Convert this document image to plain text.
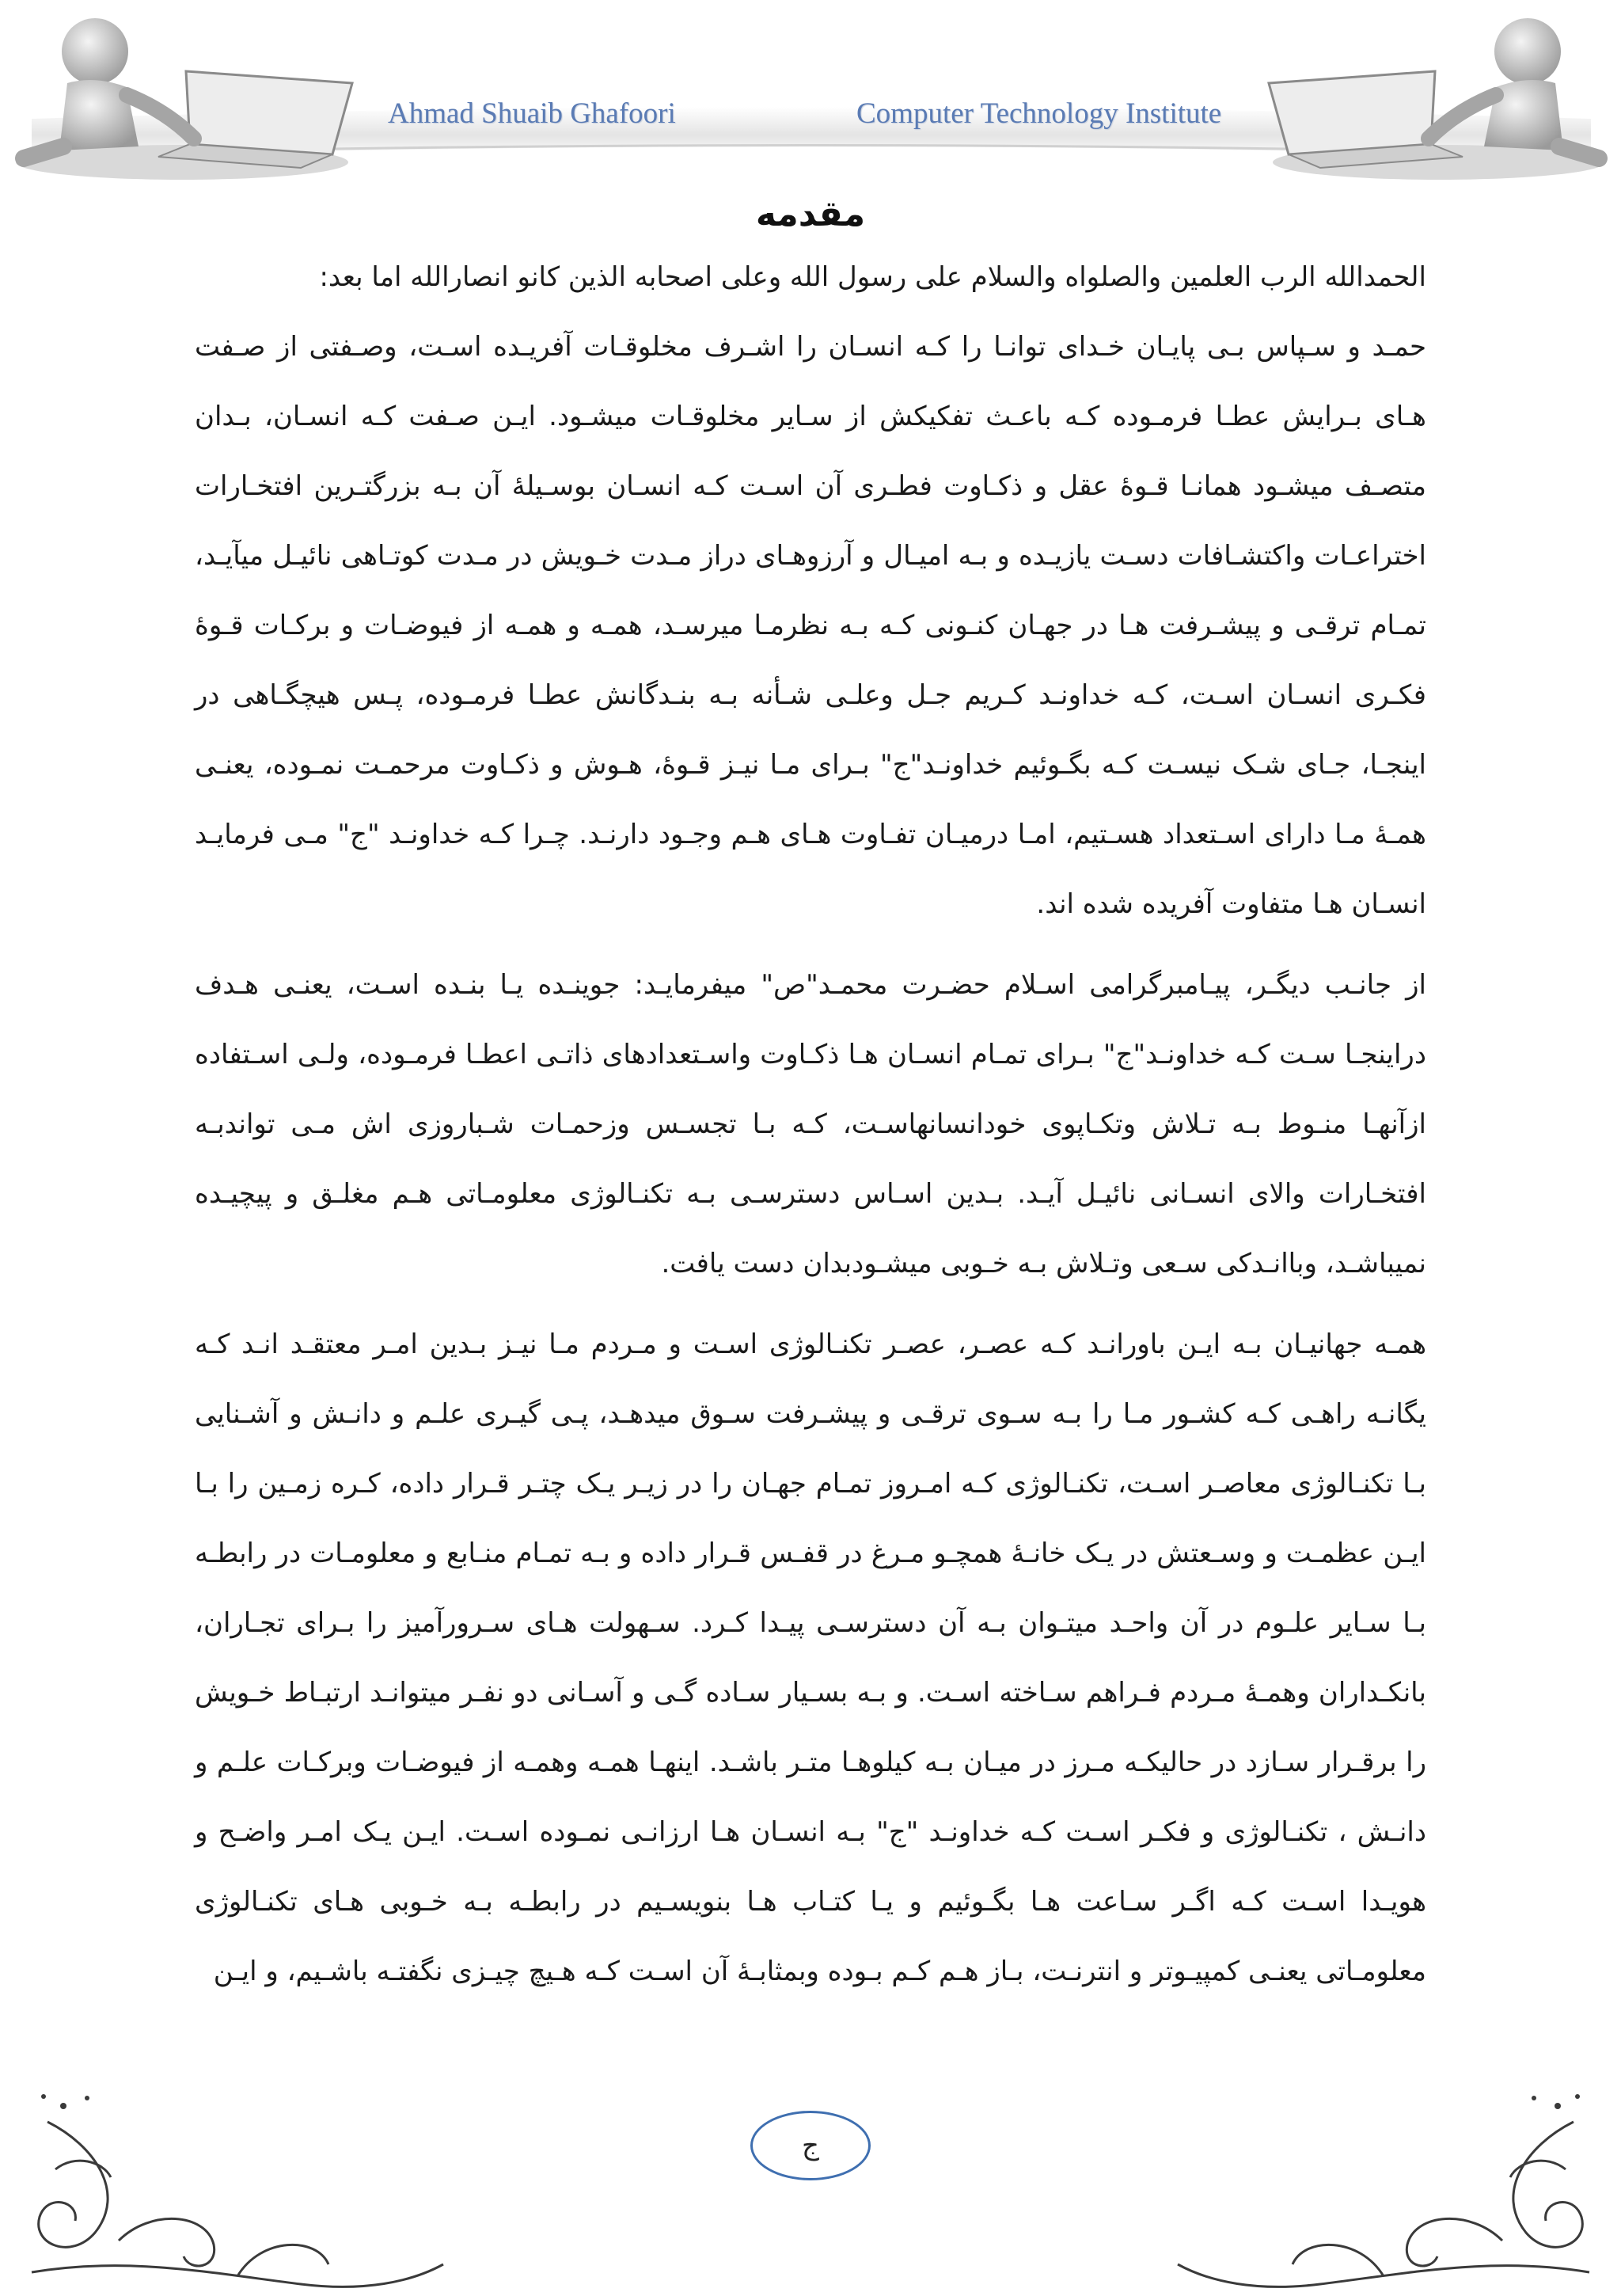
Ahmad Shuaib Ghafoori	Computer Technology Institute
مقدمه

الحمدالله الرب العلمین والصلواه والسلام علی رسول الله وعلی اصحابه الذین کانو انصارالله اما بعد:

حمـد و سـپاس بـی پایـان خـدای توانـا را کـه انسـان را اشـرف مخلوقـات آفریـده اسـت، وصـفتی از صـفت هـای بـرایش عطـا فرمـوده کـه باعـث تفکیکش از سـایر مخلوقـات میشـود. ایـن صـفت کـه انسـان، بـدان متصـف میشـود همانـا قـوهٔ عقل و ذکـاوت فطـری آن اسـت کـه انسـان بوسـیلهٔ آن بـه بزرگتـرین افتخـارات اختراعـات واکتشـافات دسـت یازیـده و بـه امیـال و آرزوهـای دراز مـدت خـویش در مـدت کوتـاهی نائیـل میآیـد، تمـام ترقـی و پیشـرفت هـا در جهـان کنـونی کـه بـه نظرمـا میرسـد، همـه و همـه از فیوضـات و برکـات قـوهٔ فکـری انسـان اسـت، کـه خداونـد کـریم جـل وعلـی شـأنه بـه بنـدگانش عطـا فرمـوده، پـس هیچگـاهی در اینجـا، جـای شـک نیسـت کـه بگـوئیم خداونـد"ج" بـرای مـا نیـز قـوهٔ، هـوش و ذکـاوت مرحمـت نمـوده، یعنـی همـهٔ مـا دارای اسـتعداد هسـتیم، امـا درمیـان تفـاوت هـای هـم وجـود دارنـد. چـرا کـه خداونـد "ج" مـی فرمایـد انسـان هـا متفاوت آفریده شده اند.

از جانـب دیگـر، پیـامبرگرامی اسـلام حضـرت محمـد"ص" میفرمایـد: جوینـده یـا بنـده اسـت، یعنـی هـدف دراینجـا سـت کـه خداونـد"ج" بـرای تمـام انسـان هـا ذکـاوت واسـتعدادهای ذاتـی اعطـا فرمـوده، ولـی اسـتفاده ازآنهـا منـوط بـه تـلاش وتکـاپوی خودانسانهاسـت، کـه بـا تجسـس وزحمـات شـباروزی اش مـی تواندبـه افتخـارات والای انسـانی نائیـل آیـد. بـدین اسـاس دسترسـی بـه تکنـالوژی معلومـاتی هـم مغلـق و پیچیـده نمیباشـد، وباانـدکی سـعی وتـلاش بـه خـوبی میشـودبدان دست یافت.

همـه جهانیـان بـه ایـن باورانـد کـه عصـر، عصـر تکنـالوژی اسـت و مـردم مـا نیـز بـدین امـر معتقـد انـد کـه یگانـه راهـی کـه کشـور مـا را بـه سـوی ترقـی و پیشـرفت سـوق میدهـد، پـی گیـری علـم و دانـش و آشـنایی بـا تکنـالوژی معاصـر اسـت، تکنـالوژی کـه امـروز تمـام جهـان را در زیـر یـک چتـر قـرار داده، کـره زمـین را بـا ایـن عظمـت و وسـعتش در یـک خانـهٔ همچـو مـرغ در قفـس قـرار داده و بـه تمـام منـابع و معلومـات در رابطـه بـا سـایر علـوم در آن واحـد میتـوان بـه آن دسترسـی پیـدا کـرد. سـهولت هـای سـرورآمیز را بـرای تجـاران، بانکـداران وهمـهٔ مـردم فـراهم سـاخته اسـت. و بـه بسـیار سـاده گـی و آسـانی دو نفـر میتوانـد ارتبـاط خـویش را برقـرار سـازد در حالیکـه مـرز در میـان بـه کیلوهـا متـر باشـد. اینهـا همـه وهمـه از فیوضـات وبرکـات علـم و دانـش ، تکنـالوژی و فکـر اسـت کـه خداونـد "ج" بـه انسـان هـا ارزانـی نمـوده اسـت. ایـن یـک امـر واضـح و هویـدا اسـت کـه اگـر سـاعت هـا بگـوئیم و یـا کتـاب هـا بنویسـیم در رابطـه بـه خـوبی هـای تکنـالوژی معلومـاتی یعنـی کمپیـوتر و انترنـت، بـاز هـم کـم بـوده وبمثابـهٔ آن اسـت کـه هـیچ چیـزی نگفتـه باشـیم، و ایـن

ج
